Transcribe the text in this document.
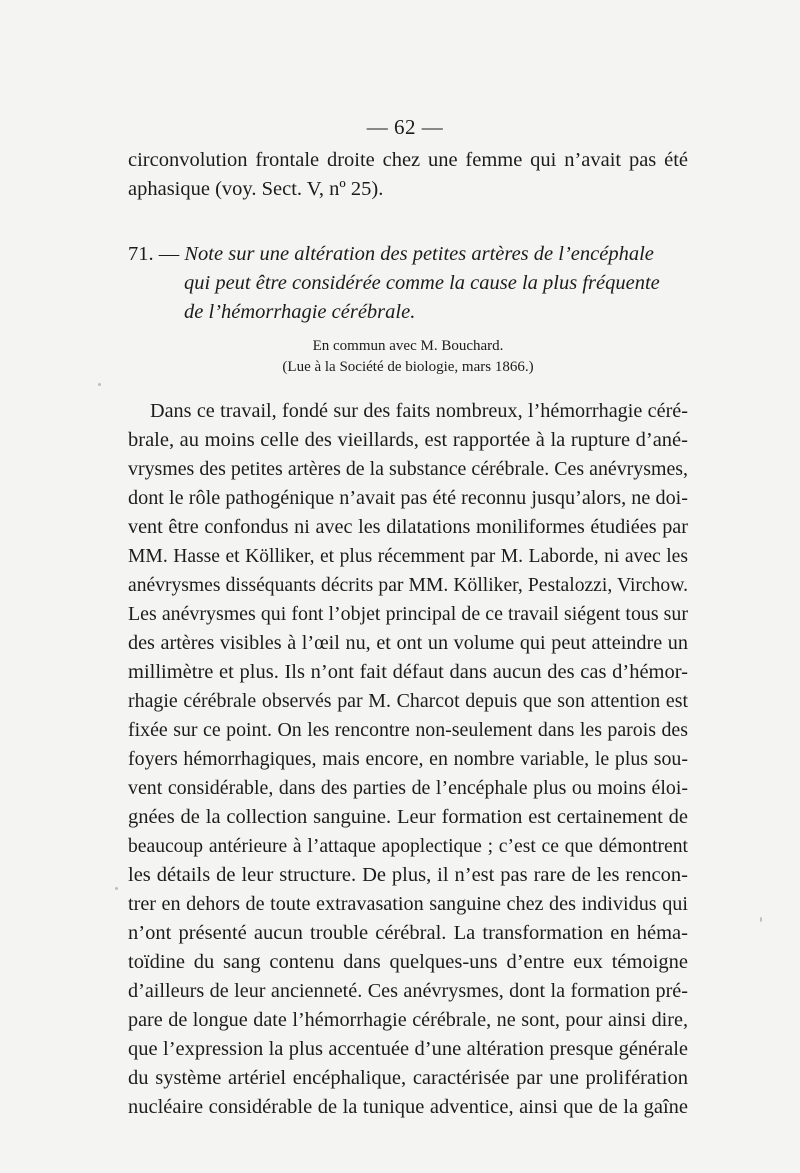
— 62 —
circonvolution frontale droite chez une femme qui n’avait pas été
aphasique (voy. Sect. V, nº 25).
71. — Note sur une altération des petites artères de l’encéphale
qui peut être considérée comme la cause la plus fréquente
de l’hémorrhagie cérébrale.
En commun avec M. Bouchard.
(Lue à la Société de biologie, mars 1866.)
Dans ce travail, fondé sur des faits nombreux, l’hémorrhagie céré-
brale, au moins celle des vieillards, est rapportée à la rupture d’ané-
vrysmes des petites artères de la substance cérébrale. Ces anévrysmes,
dont le rôle pathogénique n’avait pas été reconnu jusqu’alors, ne doi-
vent être confondus ni avec les dilatations moniliformes étudiées par
MM. Hasse et Kölliker, et plus récemment par M. Laborde, ni avec les
anévrysmes disséquants décrits par MM. Kölliker, Pestalozzi, Virchow.
Les anévrysmes qui font l’objet principal de ce travail siégent tous sur
des artères visibles à l’œil nu, et ont un volume qui peut atteindre un
millimètre et plus. Ils n’ont fait défaut dans aucun des cas d’hémor-
rhagie cérébrale observés par M. Charcot depuis que son attention est
fixée sur ce point. On les rencontre non-seulement dans les parois des
foyers hémorrhagiques, mais encore, en nombre variable, le plus sou-
vent considérable, dans des parties de l’encéphale plus ou moins éloi-
gnées de la collection sanguine. Leur formation est certainement de
beaucoup antérieure à l’attaque apoplectique ; c’est ce que démontrent
les détails de leur structure. De plus, il n’est pas rare de les rencon-
trer en dehors de toute extravasation sanguine chez des individus qui
n’ont présenté aucun trouble cérébral. La transformation en héma-
toïdine du sang contenu dans quelques-uns d’entre eux témoigne
d’ailleurs de leur ancienneté. Ces anévrysmes, dont la formation pré-
pare de longue date l’hémorrhagie cérébrale, ne sont, pour ainsi dire,
que l’expression la plus accentuée d’une altération presque générale
du système artériel encéphalique, caractérisée par une prolifération
nucléaire considérable de la tunique adventice, ainsi que de la gaîne
